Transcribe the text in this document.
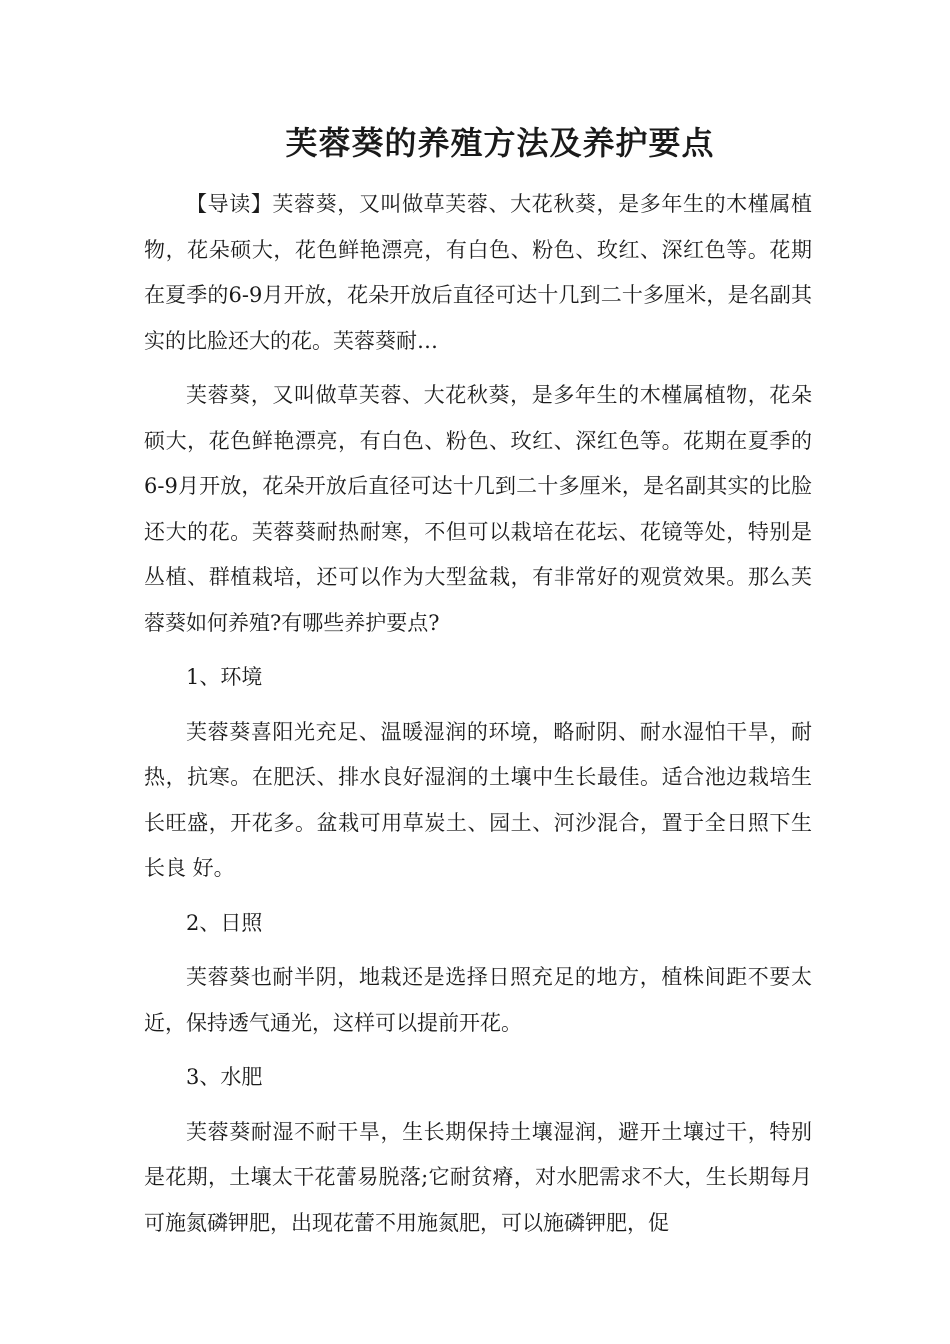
芙蓉葵的养殖方法及养护要点

【导读】芙蓉葵，又叫做草芙蓉、大花秋葵，是多年生的木槿属植物，花朵硕大，花色鲜艳漂亮，有白色、粉色、玫红、深红色等。花期在夏季的6-9月开放，花朵开放后直径可达十几到二十多厘米，是名副其实的比脸还大的花。芙蓉葵耐…

芙蓉葵，又叫做草芙蓉、大花秋葵，是多年生的木槿属植物，花朵硕大，花色鲜艳漂亮，有白色、粉色、玫红、深红色等。花期在夏季的6-9月开放，花朵开放后直径可达十几到二十多厘米，是名副其实的比脸还大的花。芙蓉葵耐热耐寒，不但可以栽培在花坛、花镜等处，特别是丛植、群植栽培，还可以作为大型盆栽，有非常好的观赏效果。那么芙蓉葵如何养殖?有哪些养护要点?

1、环境

芙蓉葵喜阳光充足、温暖湿润的环境，略耐阴、耐水湿怕干旱，耐热，抗寒。在肥沃、排水良好湿润的土壤中生长最佳。适合池边栽培生长旺盛，开花多。盆栽可用草炭土、园土、河沙混合，置于全日照下生长良 好。

2、日照

芙蓉葵也耐半阴，地栽还是选择日照充足的地方，植株间距不要太近，保持透气通光，这样可以提前开花。

3、水肥

芙蓉葵耐湿不耐干旱，生长期保持土壤湿润，避开土壤过干，特别是花期，土壤太干花蕾易脱落;它耐贫瘠，对水肥需求不大，生长期每月可施氮磷钾肥，出现花蕾不用施氮肥，可以施磷钾肥，促
